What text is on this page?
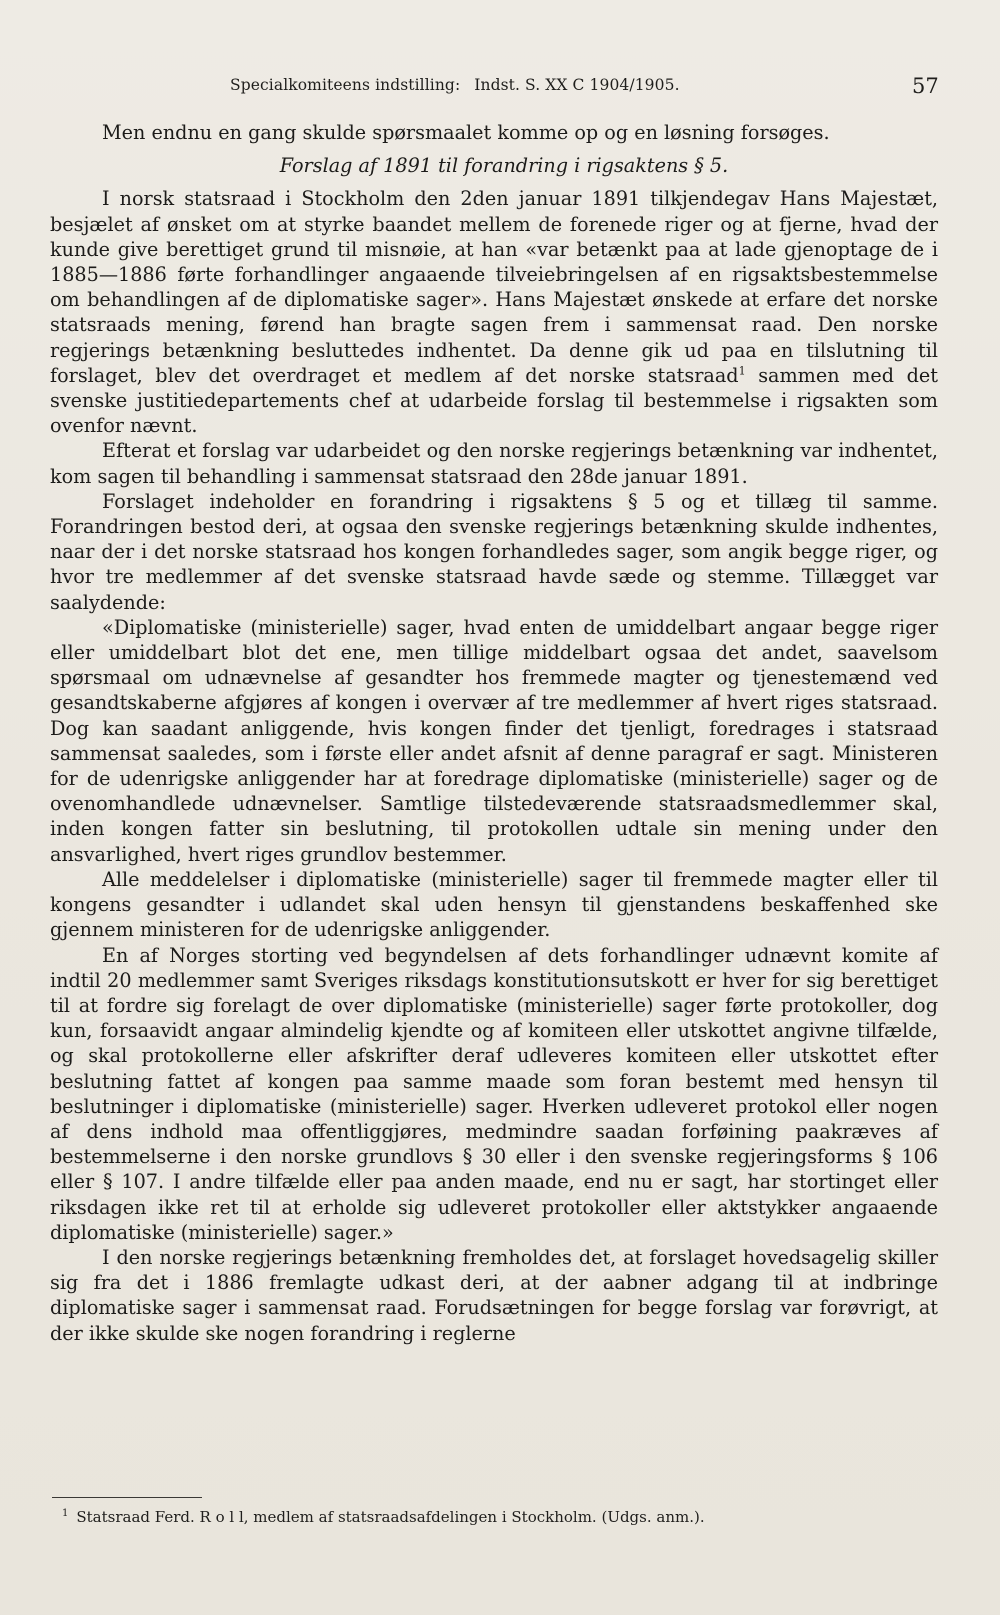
Specialkomiteens indstilling: Indst. S. XX C 1904/1905.	57

Men endnu en gang skulde spørsmaalet komme op og en løsning forsøges.

Forslag af 1891 til forandring i rigsaktens § 5.

I norsk statsraad i Stockholm den 2den januar 1891 tilkjendegav Hans Majestæt, besjælet af ønsket om at styrke baandet mellem de forenede riger og at fjerne, hvad der kunde give berettiget grund til misnøie, at han «var betænkt paa at lade gjenoptage de i 1885—1886 førte forhandlinger angaaende tilveiebringelsen af en rigsaktsbestemmelse om behandlingen af de diplomatiske sager». Hans Majestæt ønskede at erfare det norske statsraads mening, førend han bragte sagen frem i sammensat raad. Den norske regjerings betænkning besluttedes indhentet. Da denne gik ud paa en tilslutning til forslaget, blev det overdraget et medlem af det norske statsraad$^1$ sammen med det svenske justitiedepartements chef at udarbeide forslag til bestemmelse i rigsakten som ovenfor nævnt.

Efterat et forslag var udarbeidet og den norske regjerings betænkning var indhentet, kom sagen til behandling i sammensat statsraad den 28de januar 1891.

Forslaget indeholder en forandring i rigsaktens § 5 og et tillæg til samme. Forandringen bestod deri, at ogsaa den svenske regjerings betænkning skulde indhentes, naar der i det norske statsraad hos kongen forhandledes sager, som angik begge riger, og hvor tre medlemmer af det svenske statsraad havde sæde og stemme. Tillægget var saalydende:

«Diplomatiske (ministerielle) sager, hvad enten de umiddelbart angaar begge riger eller umiddelbart blot det ene, men tillige middelbart ogsaa det andet, saavelsom spørsmaal om udnævnelse af gesandter hos fremmede magter og tjenestemænd ved gesandtskaberne afgjøres af kongen i overvær af tre medlemmer af hvert riges statsraad. Dog kan saadant anliggende, hvis kongen finder det tjenligt, foredrages i statsraad sammensat saaledes, som i første eller andet afsnit af denne paragraf er sagt. Ministeren for de udenrigske anliggender har at foredrage diplomatiske (ministerielle) sager og de ovenomhandlede udnævnelser. Samtlige tilstedeværende statsraadsmedlemmer skal, inden kongen fatter sin beslutning, til protokollen udtale sin mening under den ansvarlighed, hvert riges grundlov bestemmer.

Alle meddelelser i diplomatiske (ministerielle) sager til fremmede magter eller til kongens gesandter i udlandet skal uden hensyn til gjenstandens beskaffenhed ske gjennem ministeren for de udenrigske anliggender.

En af Norges storting ved begyndelsen af dets forhandlinger udnævnt komite af indtil 20 medlemmer samt Sveriges riksdags konstitutionsutskott er hver for sig berettiget til at fordre sig forelagt de over diplomatiske (ministerielle) sager førte protokoller, dog kun, forsaavidt angaar almindelig kjendte og af komiteen eller utskottet angivne tilfælde, og skal protokollerne eller afskrifter deraf udleveres komiteen eller utskottet efter beslutning fattet af kongen paa samme maade som foran bestemt med hensyn til beslutninger i diplomatiske (ministerielle) sager. Hverken udleveret protokol eller nogen af dens indhold maa offentliggjøres, medmindre saadan forføining paakræves af bestemmelserne i den norske grundlovs § 30 eller i den svenske regjeringsforms § 106 eller § 107. I andre tilfælde eller paa anden maade, end nu er sagt, har stortinget eller riksdagen ikke ret til at erholde sig udleveret protokoller eller aktstykker angaaende diplomatiske (ministerielle) sager.»

I den norske regjerings betænkning fremholdes det, at forslaget hovedsagelig skiller sig fra det i 1886 fremlagte udkast deri, at der aabner adgang til at indbringe diplomatiske sager i sammensat raad. Forudsætningen for begge forslag var forøvrigt, at der ikke skulde ske nogen forandring i reglerne

$^1$ Statsraad Ferd. R o l l, medlem af statsraadsafdelingen i Stockholm. (Udgs. anm.).
